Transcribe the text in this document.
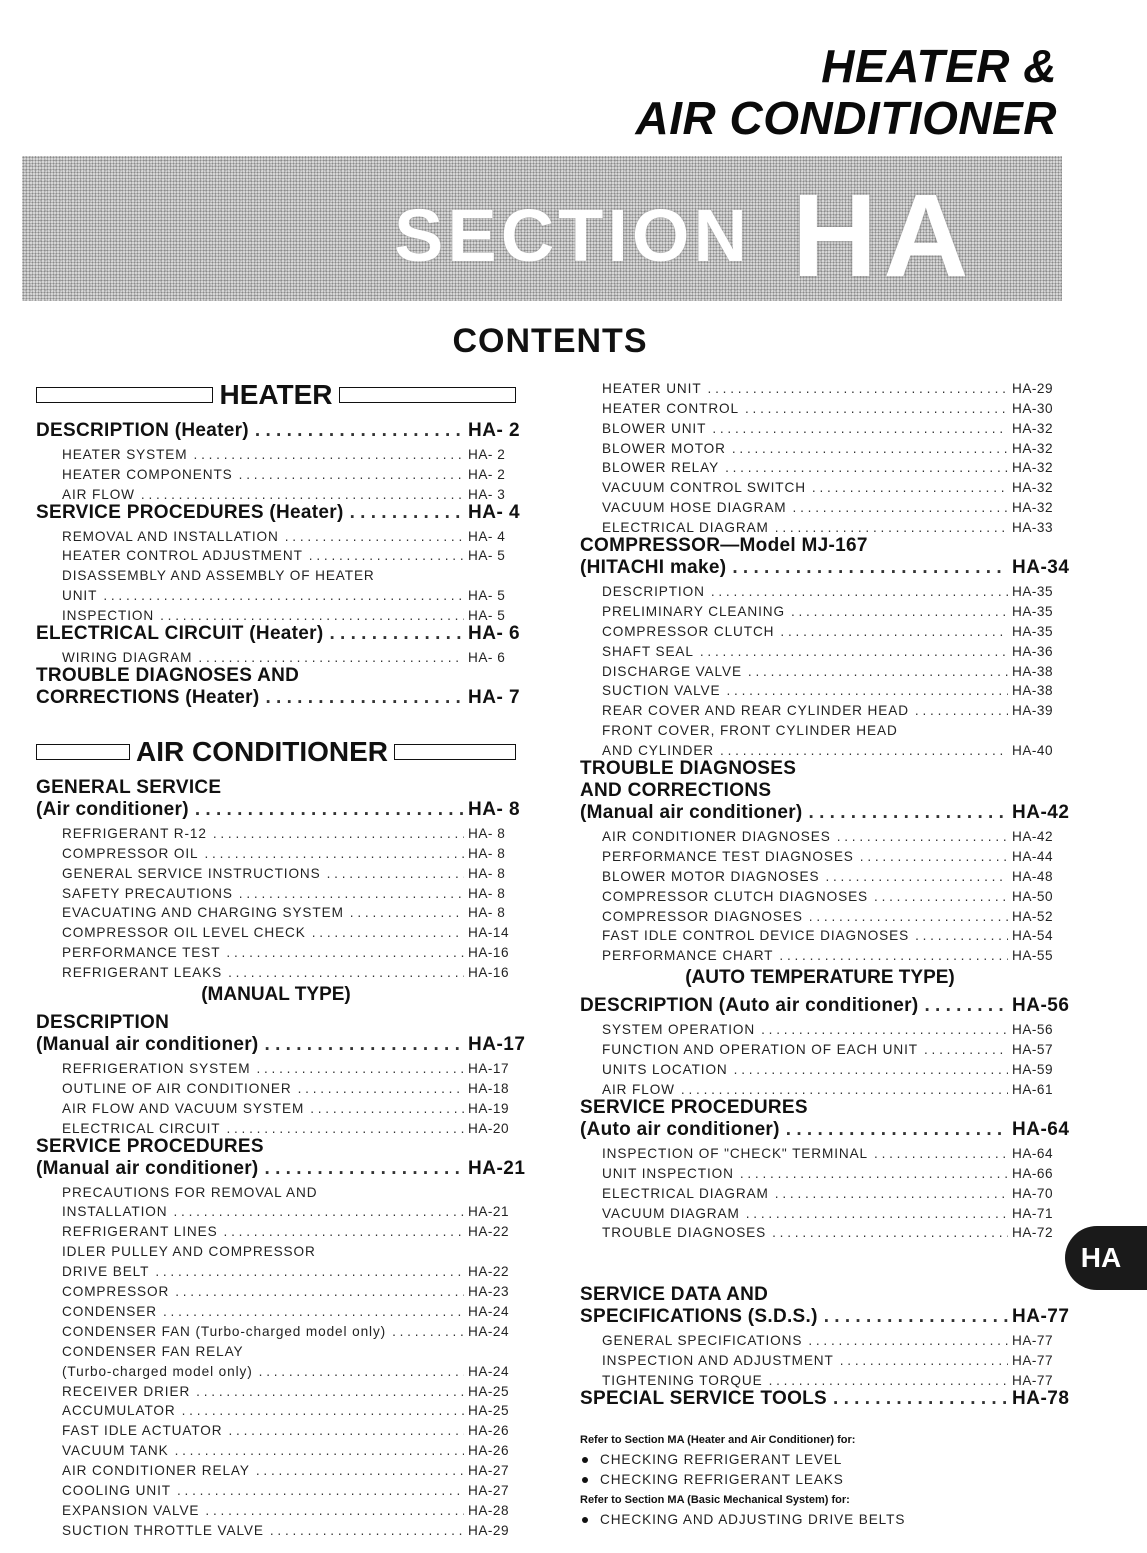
HEATER &
AIR CONDITIONER
SECTION HA
CONTENTS
HEATER
DESCRIPTION (Heater) . . .	HA- 2
HEATER SYSTEM . . .	HA- 2
HEATER COMPONENTS . . .	HA- 2
AIR FLOW . . .	HA- 3
SERVICE PROCEDURES (Heater) . . .	HA- 4
REMOVAL AND INSTALLATION . . .	HA- 4
HEATER CONTROL ADJUSTMENT . . .	HA- 5
DISASSEMBLY AND ASSEMBLY OF HEATER
UNIT . . .	HA- 5
INSPECTION . . .	HA- 5
ELECTRICAL CIRCUIT (Heater) . . .	HA- 6
WIRING DIAGRAM . . .	HA- 6
TROUBLE DIAGNOSES AND
CORRECTIONS (Heater) . . .	HA- 7
AIR CONDITIONER
GENERAL SERVICE
(Air conditioner) . . .	HA- 8
REFRIGERANT R-12 . . .	HA- 8
COMPRESSOR OIL . . .	HA- 8
GENERAL SERVICE INSTRUCTIONS . . .	HA- 8
SAFETY PRECAUTIONS . . .	HA- 8
EVACUATING AND CHARGING SYSTEM . . .	HA- 8
COMPRESSOR OIL LEVEL CHECK . . .	HA-14
PERFORMANCE TEST . . .	HA-16
REFRIGERANT LEAKS . . .	HA-16
(MANUAL TYPE)
DESCRIPTION
(Manual air conditioner) . . .	HA-17
REFRIGERATION SYSTEM . . .	HA-17
OUTLINE OF AIR CONDITIONER . . .	HA-18
AIR FLOW AND VACUUM SYSTEM . . .	HA-19
ELECTRICAL CIRCUIT . . .	HA-20
SERVICE PROCEDURES
(Manual air conditioner) . . .	HA-21
PRECAUTIONS FOR REMOVAL AND
INSTALLATION . . .	HA-21
REFRIGERANT LINES . . .	HA-22
IDLER PULLEY AND COMPRESSOR
DRIVE BELT . . .	HA-22
COMPRESSOR . . .	HA-23
CONDENSER . . .	HA-24
CONDENSER FAN (Turbo-charged model only) . . .	HA-24
CONDENSER FAN RELAY
(Turbo-charged model only) . . .	HA-24
RECEIVER DRIER . . .	HA-25
ACCUMULATOR . . .	HA-25
FAST IDLE ACTUATOR . . .	HA-26
VACUUM TANK . . .	HA-26
AIR CONDITIONER RELAY . . .	HA-27
COOLING UNIT . . .	HA-27
EXPANSION VALVE . . .	HA-28
SUCTION THROTTLE VALVE . . .	HA-29
HEATER UNIT . . .	HA-29
HEATER CONTROL . . .	HA-30
BLOWER UNIT . . .	HA-32
BLOWER MOTOR . . .	HA-32
BLOWER RELAY . . .	HA-32
VACUUM CONTROL SWITCH . . .	HA-32
VACUUM HOSE DIAGRAM . . .	HA-32
ELECTRICAL DIAGRAM . . .	HA-33
COMPRESSOR—Model MJ-167
(HITACHI make) . . .	HA-34
DESCRIPTION . . .	HA-35
PRELIMINARY CLEANING . . .	HA-35
COMPRESSOR CLUTCH . . .	HA-35
SHAFT SEAL . . .	HA-36
DISCHARGE VALVE . . .	HA-38
SUCTION VALVE . . .	HA-38
REAR COVER AND REAR CYLINDER HEAD . . .	HA-39
FRONT COVER, FRONT CYLINDER HEAD
AND CYLINDER . . .	HA-40
TROUBLE DIAGNOSES
AND CORRECTIONS
(Manual air conditioner) . . .	HA-42
AIR CONDITIONER DIAGNOSES . . .	HA-42
PERFORMANCE TEST DIAGNOSES . . .	HA-44
BLOWER MOTOR DIAGNOSES . . .	HA-48
COMPRESSOR CLUTCH DIAGNOSES . . .	HA-50
COMPRESSOR DIAGNOSES . . .	HA-52
FAST IDLE CONTROL DEVICE DIAGNOSES . . .	HA-54
PERFORMANCE CHART . . .	HA-55
(AUTO TEMPERATURE TYPE)
DESCRIPTION (Auto air conditioner) . . .	HA-56
SYSTEM OPERATION . . .	HA-56
FUNCTION AND OPERATION OF EACH UNIT . . .	HA-57
UNITS LOCATION . . .	HA-59
AIR FLOW . . .	HA-61
SERVICE PROCEDURES
(Auto air conditioner) . . .	HA-64
INSPECTION OF "CHECK" TERMINAL . . .	HA-64
UNIT INSPECTION . . .	HA-66
ELECTRICAL DIAGRAM . . .	HA-70
VACUUM DIAGRAM . . .	HA-71
TROUBLE DIAGNOSES . . .	HA-72
SERVICE DATA AND
SPECIFICATIONS (S.D.S.) . . .	HA-77
GENERAL SPECIFICATIONS . . .	HA-77
INSPECTION AND ADJUSTMENT . . .	HA-77
TIGHTENING TORQUE . . .	HA-77
SPECIAL SERVICE TOOLS . . .	HA-78
Refer to Section MA (Heater and Air Conditioner) for:
CHECKING REFRIGERANT LEVEL
CHECKING REFRIGERANT LEAKS
Refer to Section MA (Basic Mechanical System) for:
CHECKING AND ADJUSTING DRIVE BELTS
HA
